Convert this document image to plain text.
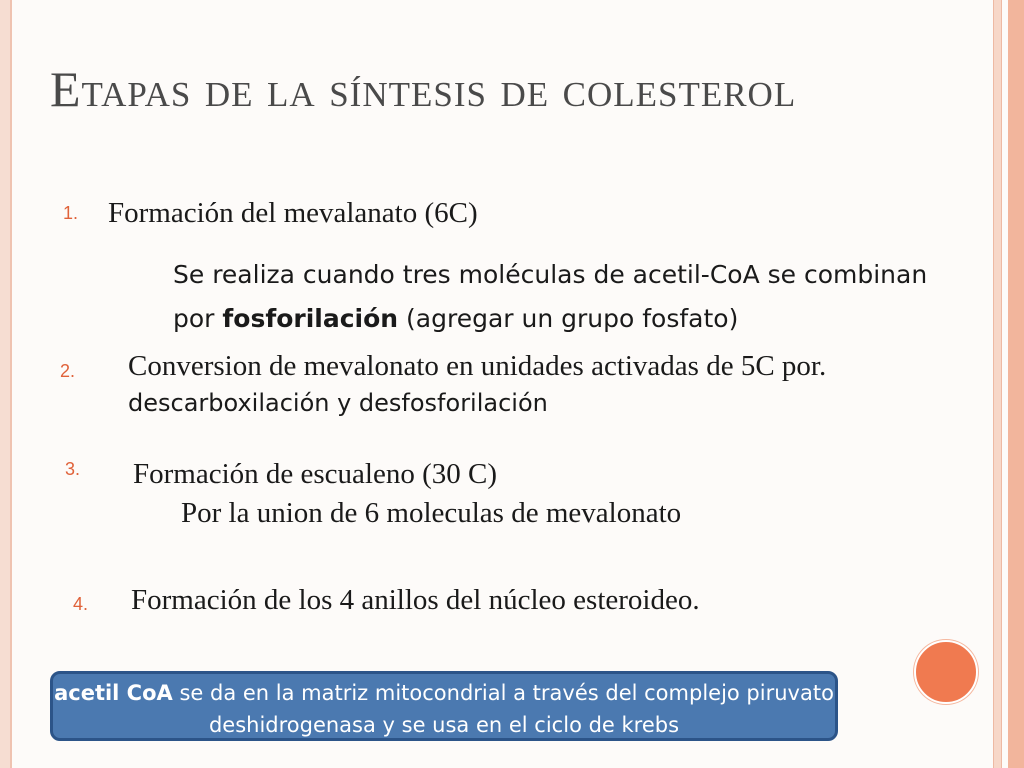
Etapas de la síntesis de colesterol
1. Formación del mevalanato (6C)
Se realiza cuando tres moléculas de acetil-CoA se combinan por fosforilación (agregar un grupo fosfato)
2. Conversion de mevalonato en unidades activadas de 5C por. descarboxilación y desfosforilación
3. Formación de escualeno (30 C)
Por la union de 6 moleculas de mevalonato
4. Formación de los 4 anillos del núcleo esteroideo.
acetil CoA se da en la matriz mitocondrial a través del complejo piruvato deshidrogenasa y se usa en el ciclo de krebs
